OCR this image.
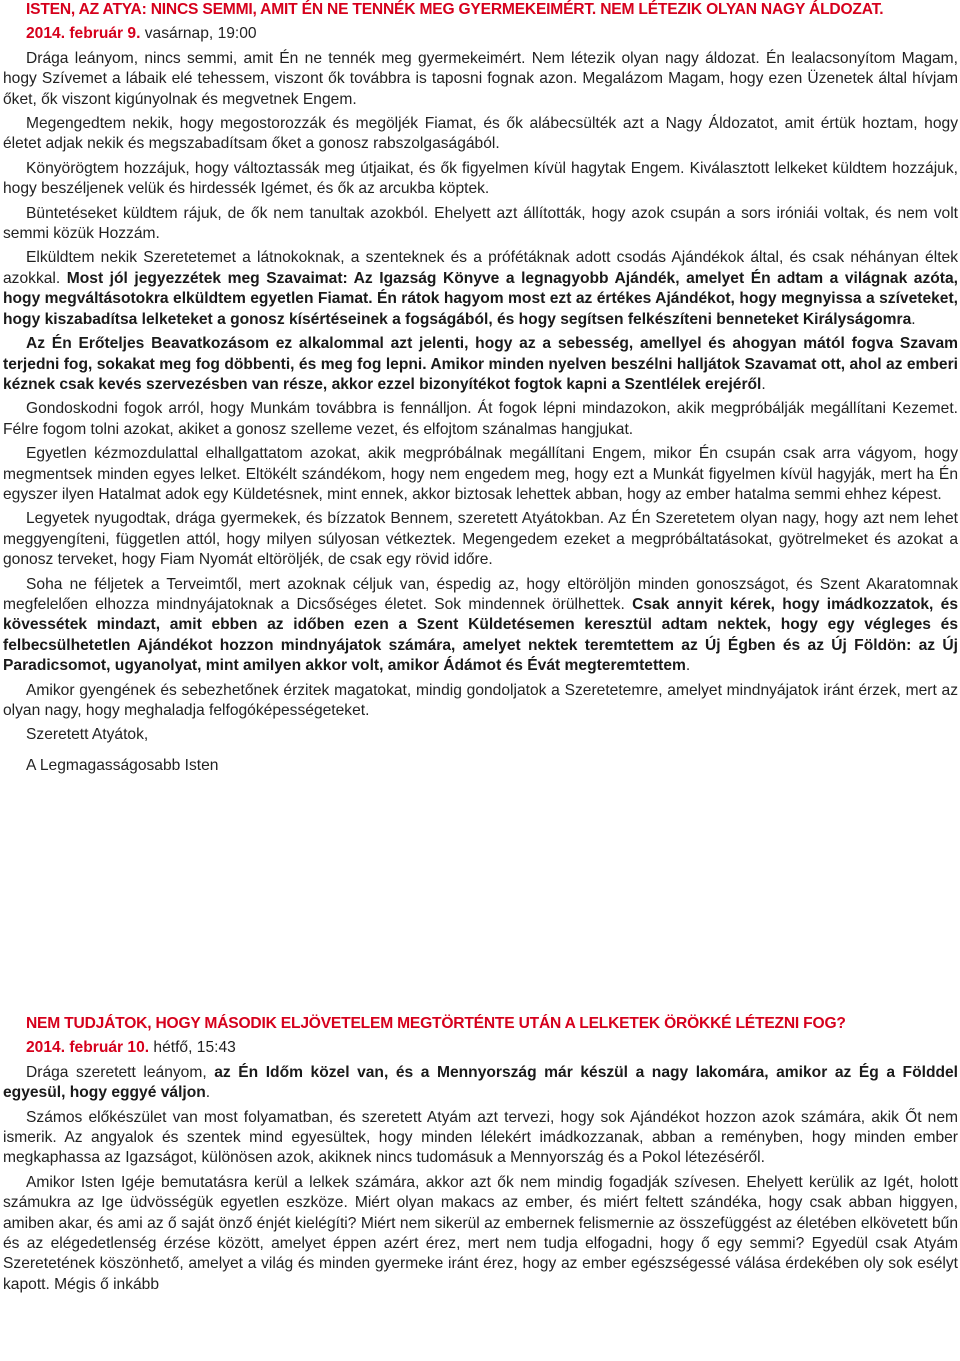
ISTEN, AZ ATYA: NINCS SEMMI, AMIT ÉN NE TENNÉK MEG GYERMEKEIMÉRT. NEM LÉTEZIK OLYAN NAGY ÁLDOZAT.

2014. február 9. vasárnap, 19:00

Drága leányom, nincs semmi, amit Én ne tennék meg gyermekeimért. Nem létezik olyan nagy áldozat. Én lealacsonyítom Magam, hogy Szívemet a lábaik elé tehessem, viszont ők továbbra is taposni fognak azon. Megalázom Magam, hogy ezen Üzenetek által hívjam őket, ők viszont kigúnyolnak és megvetnek Engem.

Megengedtem nekik, hogy megostorozzák és megöljék Fiamat, és ők alábecsülték azt a Nagy Áldozatot, amit értük hoztam, hogy életet adjak nekik és megszabadítsam őket a gonosz rabszolgaságából.

Könyörögtem hozzájuk, hogy változtassák meg útjaikat, és ők figyelmen kívül hagytak Engem. Kiválasztott lelkeket küldtem hozzájuk, hogy beszéljenek velük és hirdessék Igémet, és ők az arcukba köptek.

Büntetéseket küldtem rájuk, de ők nem tanultak azokból. Ehelyett azt állították, hogy azok csupán a sors iróniái voltak, és nem volt semmi közük Hozzám.

Elküldtem nekik Szeretetemet a látnokoknak, a szenteknek és a prófétáknak adott csodás Ajándékok által, és csak néhányan éltek azokkal. Most jól jegyezzétek meg Szavaimat: Az Igazság Könyve a legnagyobb Ajándék, amelyet Én adtam a világnak azóta, hogy megváltásotokra elküldtem egyetlen Fiamat. Én rátok hagyom most ezt az értékes Ajándékot, hogy megnyissa a szíveteket, hogy kiszabadítsa lelketeket a gonosz kísértéseinek a fogságából, és hogy segítsen felkészíteni benneteket Királyságomra.

Az Én Erőteljes Beavatkozásom ez alkalommal azt jelenti, hogy az a sebesség, amellyel és ahogyan mától fogva Szavam terjedni fog, sokakat meg fog döbbenti, és meg fog lepni. Amikor minden nyelven beszélni halljátok Szavamat ott, ahol az emberi kéznek csak kevés szervezésben van része, akkor ezzel bizonyítékot fogtok kapni a Szentlélek erejéről.

Gondoskodni fogok arról, hogy Munkám továbbra is fennálljon. Át fogok lépni mindazokon, akik megpróbálják megállítani Kezemet. Félre fogom tolni azokat, akiket a gonosz szelleme vezet, és elfojtom szánalmas hangjukat.

Egyetlen kézmozdulattal elhallgattatom azokat, akik megpróbálnak megállítani Engem, mikor Én csupán csak arra vágyom, hogy megmentsek minden egyes lelket. Eltökélt szándékom, hogy nem engedem meg, hogy ezt a Munkát figyelmen kívül hagyják, mert ha Én egyszer ilyen Hatalmat adok egy Küldetésnek, mint ennek, akkor biztosak lehettek abban, hogy az ember hatalma semmi ehhez képest.

Legyetek nyugodtak, drága gyermekek, és bízzatok Bennem, szeretett Atyátokban. Az Én Szeretetem olyan nagy, hogy azt nem lehet meggyengíteni, független attól, hogy milyen súlyosan vétkeztek. Megengedem ezeket a megpróbáltatásokat, gyötrelmeket és azokat a gonosz terveket, hogy Fiam Nyomát eltöröljék, de csak egy rövid időre.

Soha ne féljetek a Terveimtől, mert azoknak céljuk van, éspedig az, hogy eltöröljön minden gonoszságot, és Szent Akaratomnak megfelelően elhozza mindnyájatoknak a Dicsőséges életet. Sok mindennek örülhettek. Csak annyit kérek, hogy imádkozzatok, és kövessétek mindazt, amit ebben az időben ezen a Szent Küldetésemen keresztül adtam nektek, hogy egy végleges és felbecsülhetetlen Ajándékot hozzon mindnyájatok számára, amelyet nektek teremtettem az Új Égben és az Új Földön: az Új Paradicsomot, ugyanolyat, mint amilyen akkor volt, amikor Ádámot és Évát megteremtettem.

Amikor gyengének és sebezhetőnek érzitek magatokat, mindig gondoljatok a Szeretetemre, amelyet mindnyájatok iránt érzek, mert az olyan nagy, hogy meghaladja felfogóképességeteket.

Szeretett Atyátok,
A Legmagasságosabb Isten

NEM TUDJÁTOK, HOGY MÁSODIK ELJÖVETELEM MEGTÖRTÉNTE UTÁN A LELKETEK ÖRÖKKÉ LÉTEZNI FOG?

2014. február 10. hétfő, 15:43

Drága szeretett leányom, az Én Időm közel van, és a Mennyország már készül a nagy lakomára, amikor az Ég a Földdel egyesül, hogy eggyé váljon.

Számos előkészület van most folyamatban, és szeretett Atyám azt tervezi, hogy sok Ajándékot hozzon azok számára, akik Őt nem ismerik. Az angyalok és szentek mind egyesültek, hogy minden lélekért imádkozzanak, abban a reményben, hogy minden ember megkaphassa az Igazságot, különösen azok, akiknek nincs tudomásuk a Mennyország és a Pokol létezéséről.

Amikor Isten Igéje bemutatásra kerül a lelkek számára, akkor azt ők nem mindig fogadják szívesen. Ehelyett kerülik az Igét, holott számukra az Ige üdvösségük egyetlen eszköze. Miért olyan makacs az ember, és miért feltett szándéka, hogy csak abban higgyen, amiben akar, és ami az ő saját önző énjét kielégíti? Miért nem sikerül az embernek felismernie az összefüggést az életében elkövetett bűn és az elégedetlenség érzése között, amelyet éppen azért érez, mert nem tudja elfogadni, hogy ő egy semmi? Egyedül csak Atyám Szeretetének köszönhető, amelyet a világ és minden gyermeke iránt érez, hogy az ember egészségessé válása érdekében oly sok esélyt kapott. Mégis ő inkább
